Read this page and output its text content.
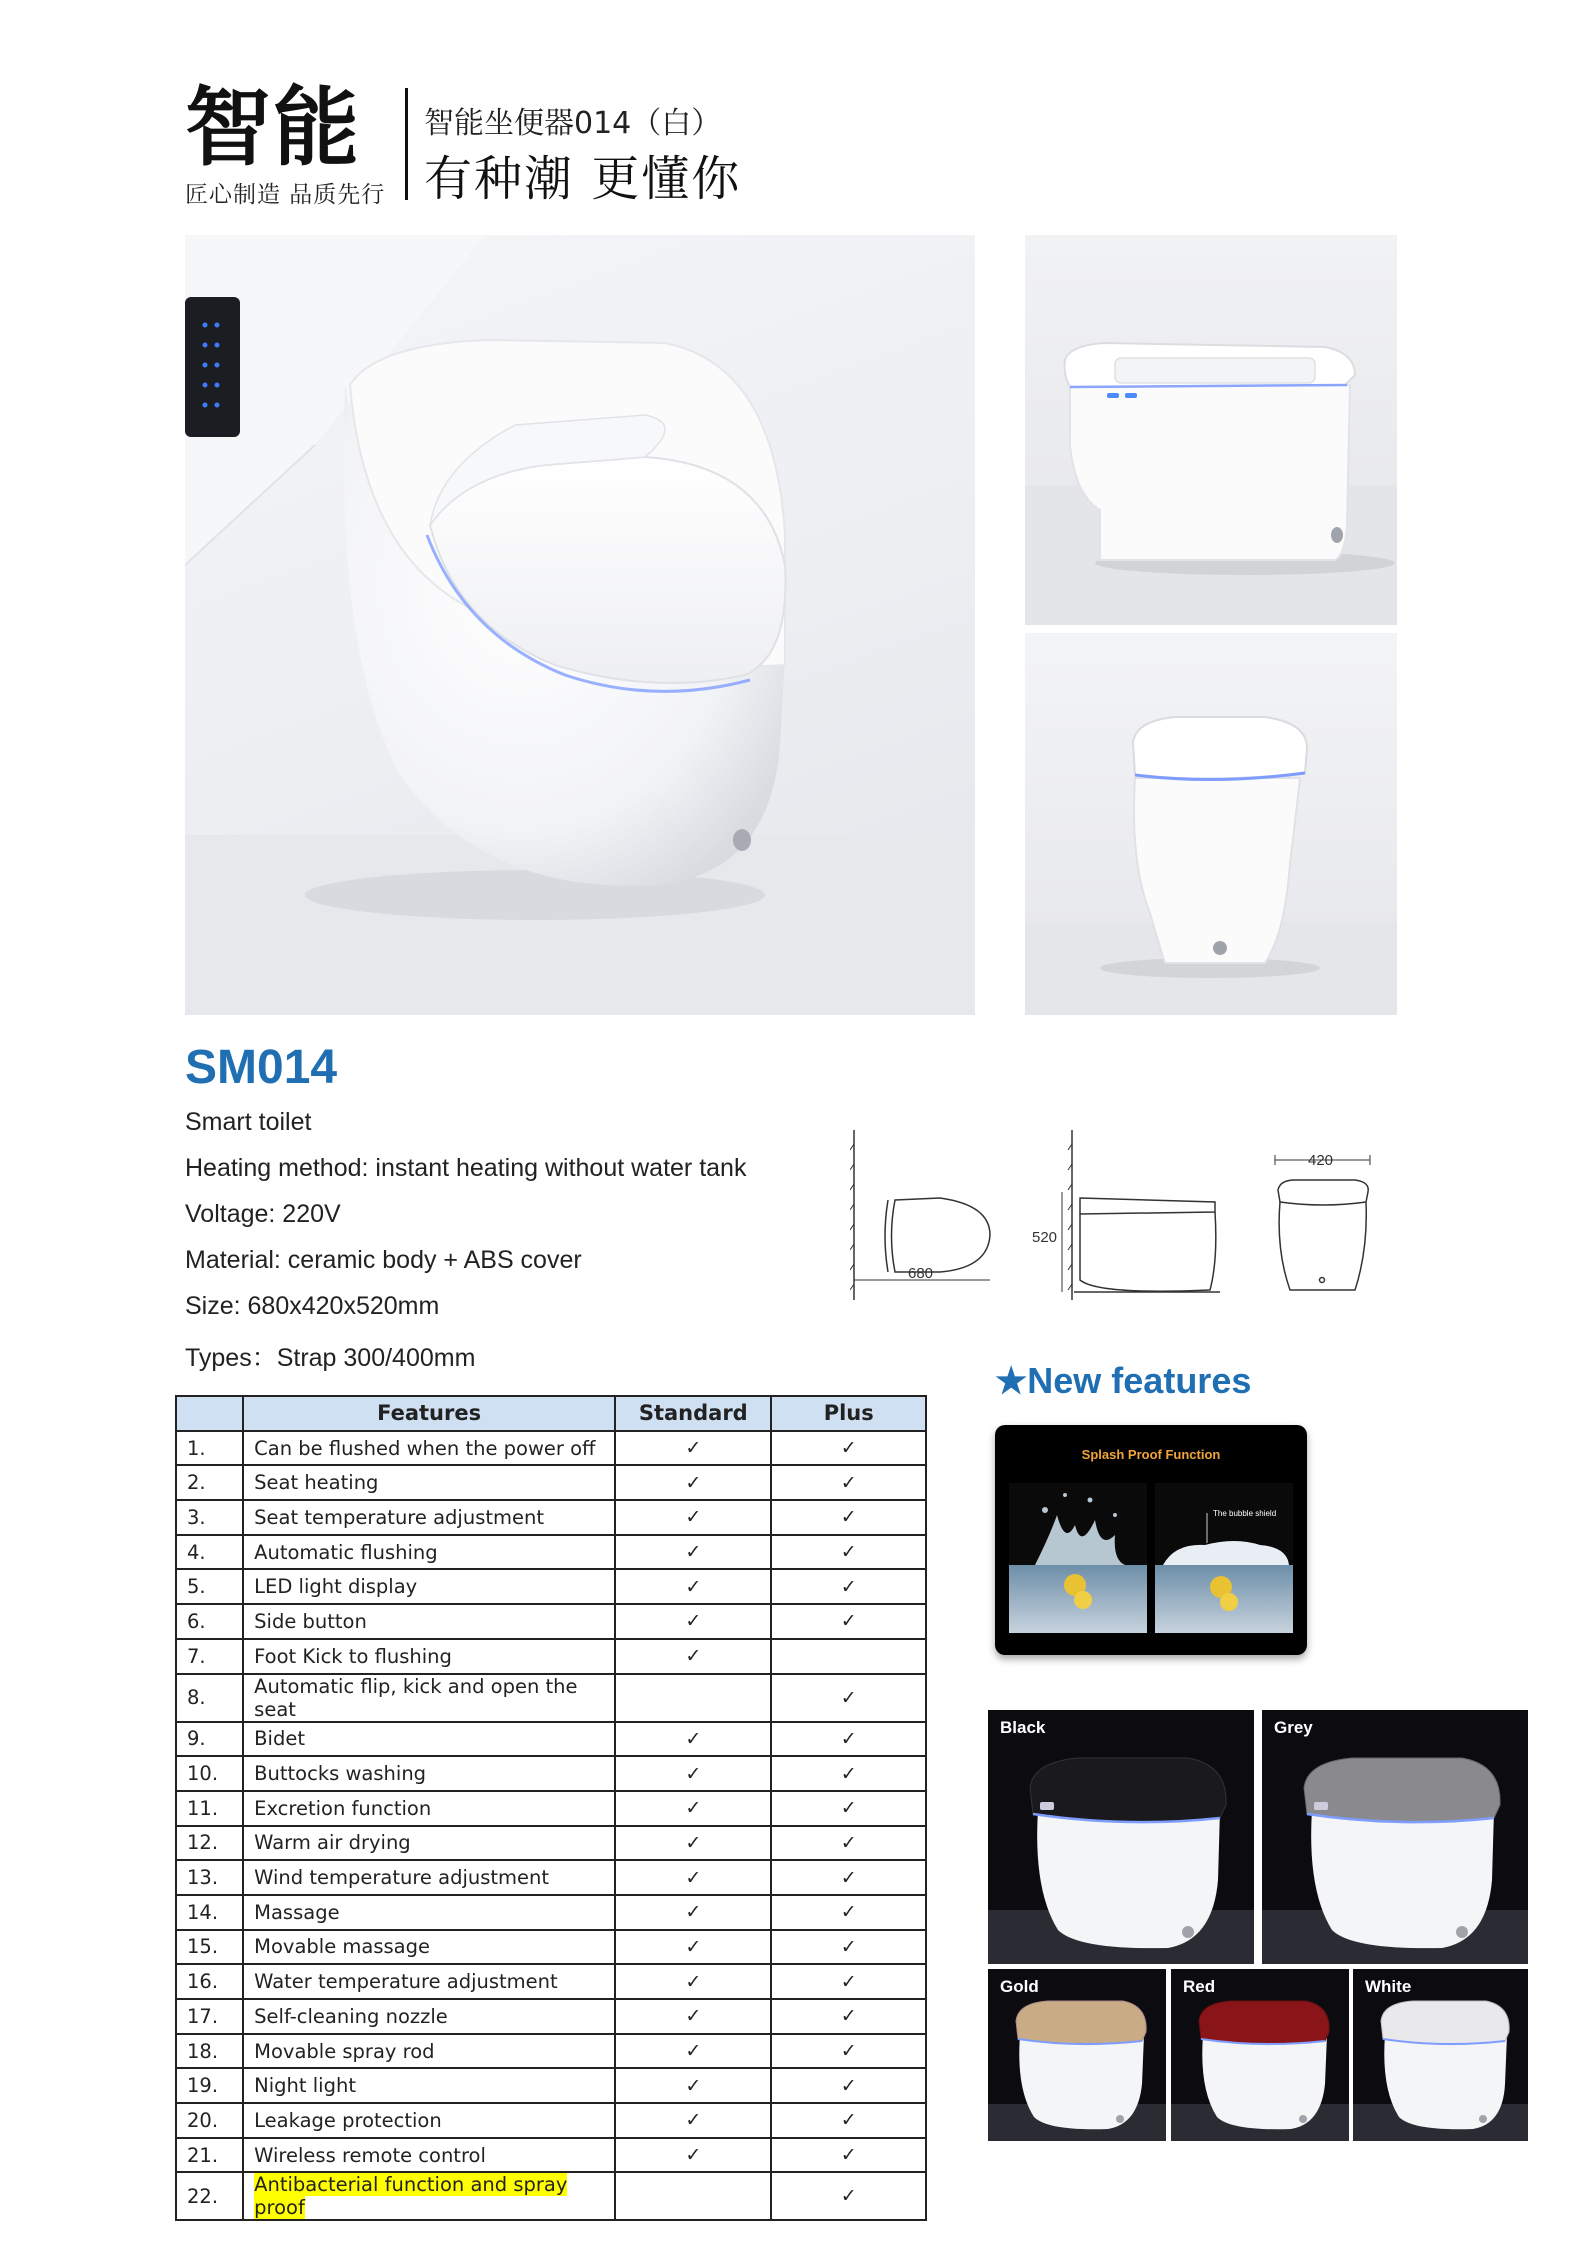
智能
匠心制造 品质先行
智能坐便器014（白）
有种潮 更懂你
SM014
Smart toilet
Heating method: instant heating without water tank
Voltage: 220V
Material: ceramic body + ABS cover
Size: 680x420x520mm
Types：Strap 300/400mm
680
520
420
	Features	Standard	Plus
1.	Can be flushed when the power off	✓	✓
2.	Seat heating	✓	✓
3.	Seat temperature adjustment	✓	✓
4.	Automatic flushing	✓	✓
5.	LED light display	✓	✓
6.	Side button	✓	✓
7.	Foot Kick to flushing	✓	
8.	Automatic flip, kick and open the seat		✓
9.	Bidet	✓	✓
10.	Buttocks washing	✓	✓
11.	Excretion function	✓	✓
12.	Warm air drying	✓	✓
13.	Wind temperature adjustment	✓	✓
14.	Massage	✓	✓
15.	Movable massage	✓	✓
16.	Water temperature adjustment	✓	✓
17.	Self-cleaning nozzle	✓	✓
18.	Movable spray rod	✓	✓
19.	Night light	✓	✓
20.	Leakage protection	✓	✓
21.	Wireless remote control	✓	✓
22.	Antibacterial function and spray proof		✓
★New features
Splash Proof Function
The bubble shield
Black	Grey
Gold	Red	White
